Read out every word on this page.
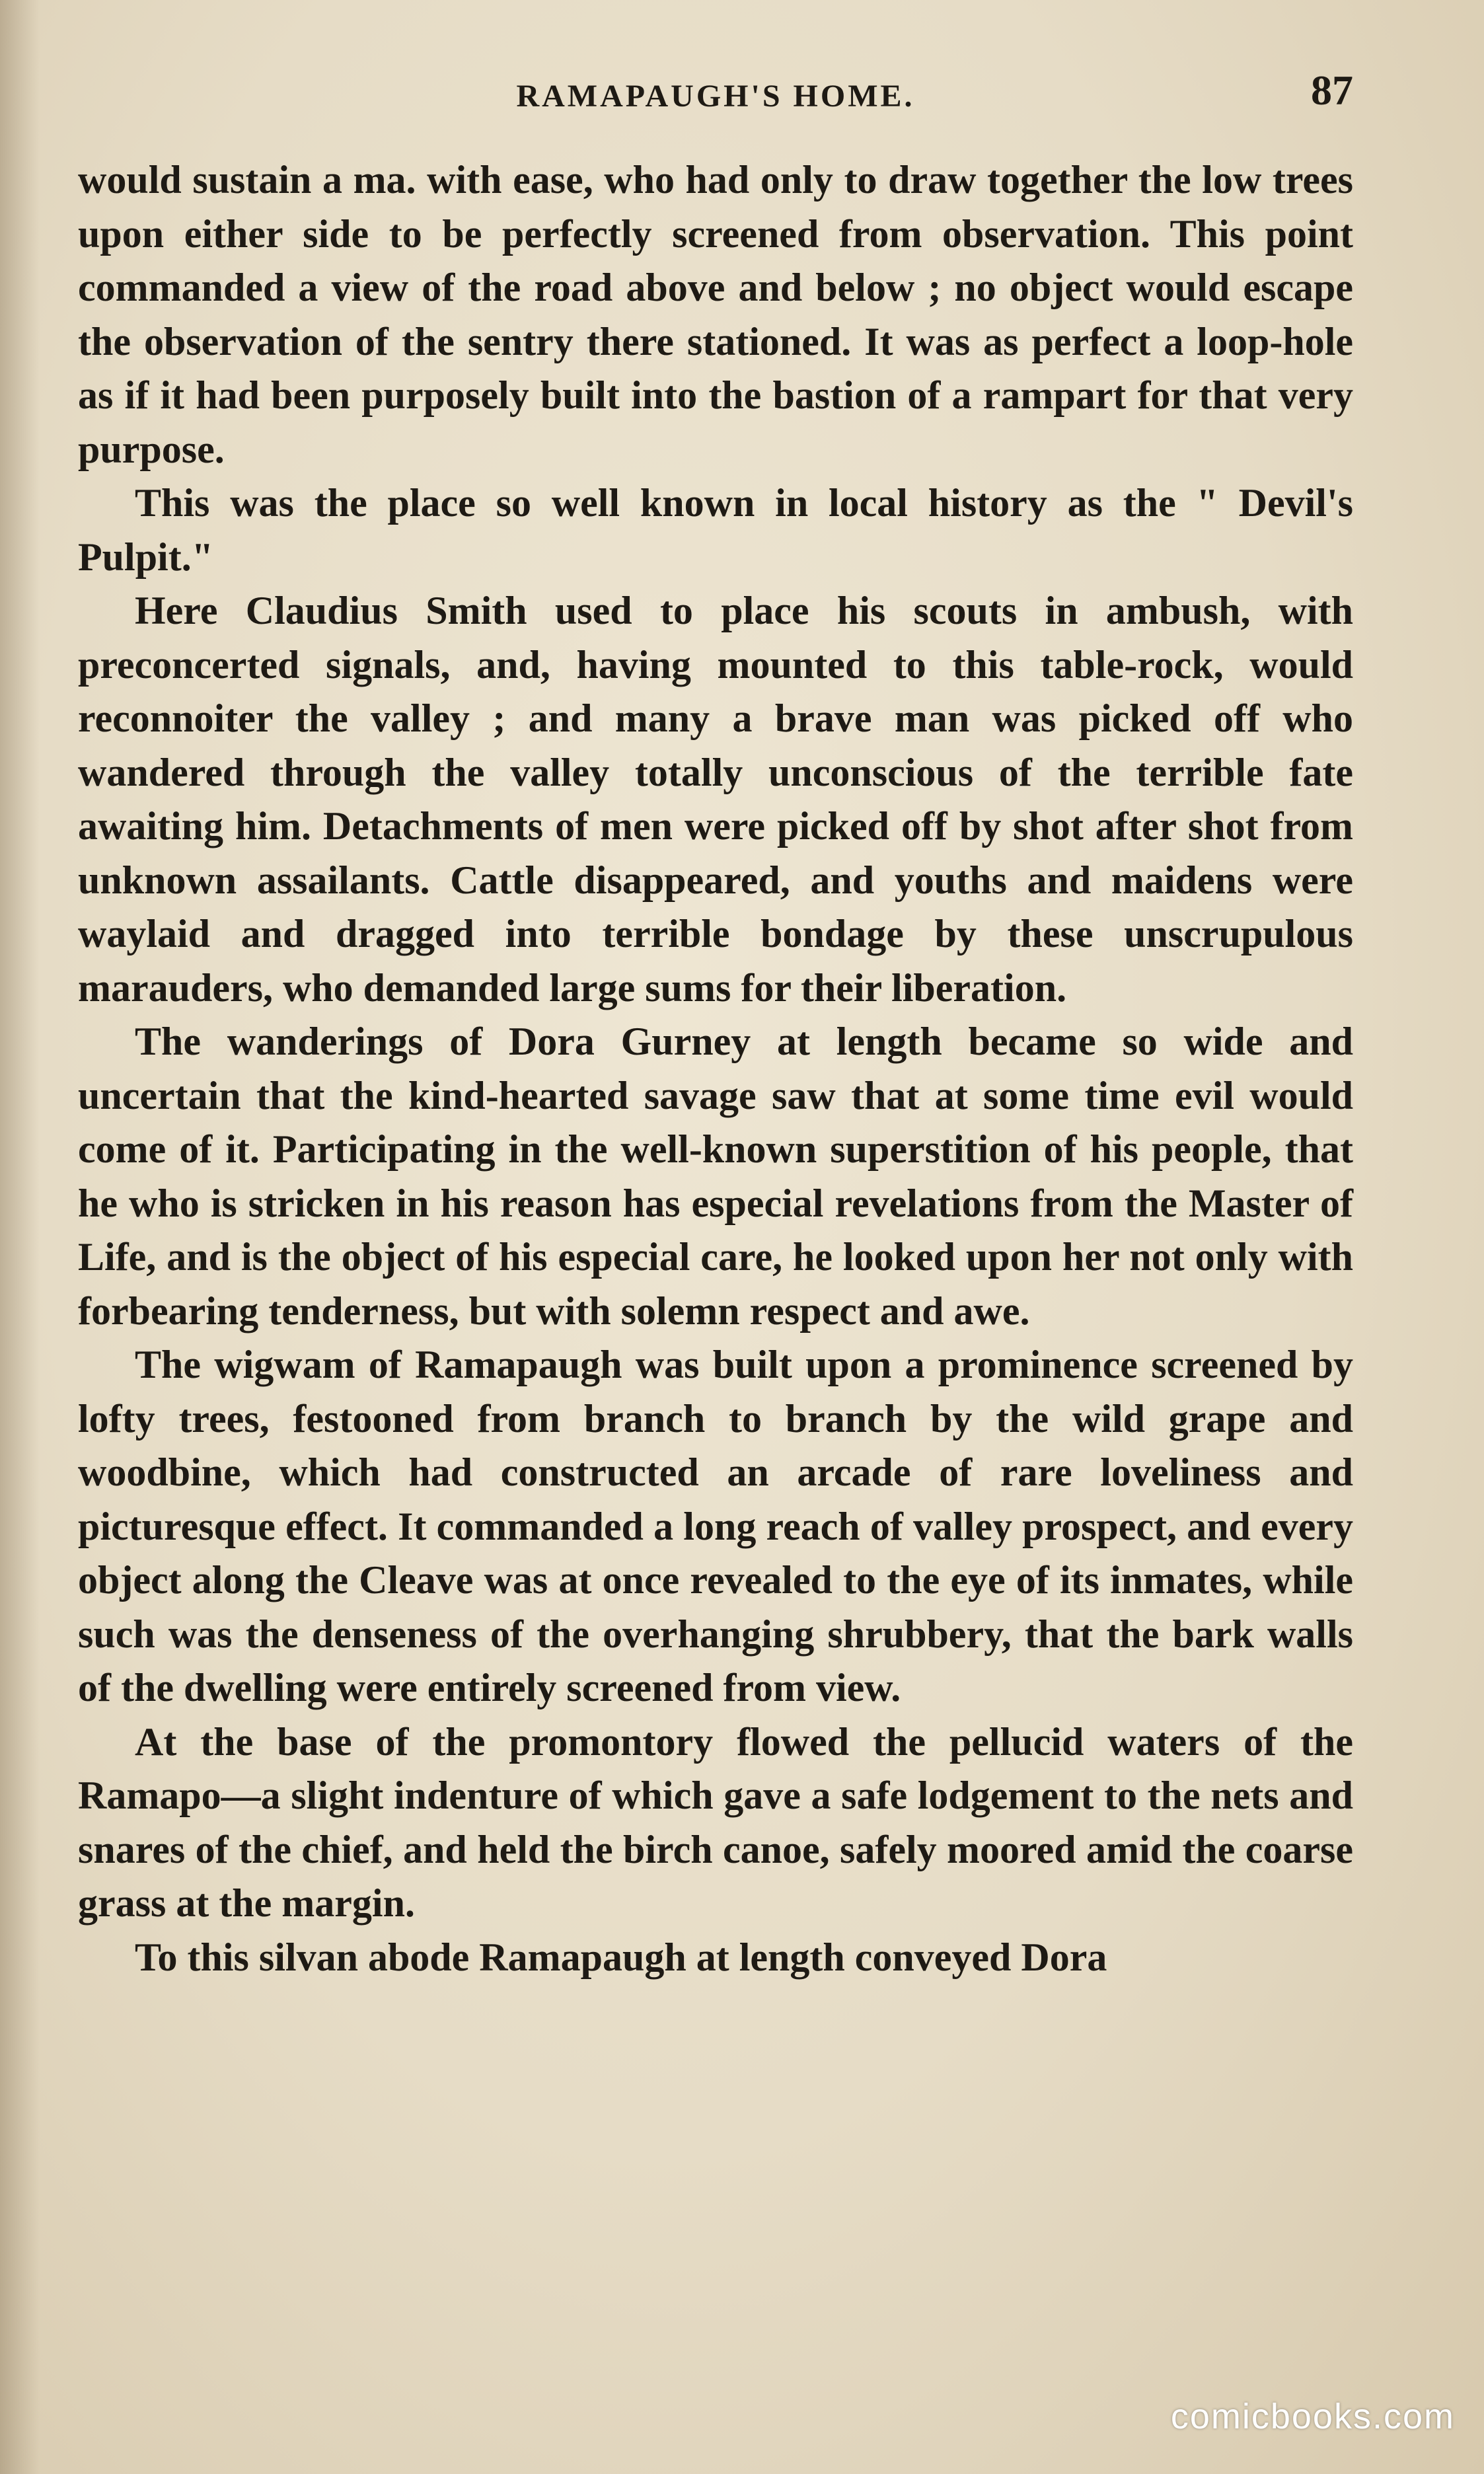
RAMAPAUGH'S HOME.	87

would sustain a ma. with ease, who had only to draw together the low trees upon either side to be perfectly screened from observation. This point commanded a view of the road above and below ; no object would escape the observation of the sentry there stationed. It was as perfect a loop-hole as if it had been purposely built into the bastion of a rampart for that very purpose.

This was the place so well known in local history as the " Devil's Pulpit."

Here Claudius Smith used to place his scouts in ambush, with preconcerted signals, and, having mounted to this table-rock, would reconnoiter the valley ; and many a brave man was picked off who wandered through the valley totally unconscious of the terrible fate awaiting him. Detachments of men were picked off by shot after shot from unknown assailants. Cattle disappeared, and youths and maidens were waylaid and dragged into terrible bondage by these unscrupulous marauders, who demanded large sums for their liberation.

The wanderings of Dora Gurney at length became so wide and uncertain that the kind-hearted savage saw that at some time evil would come of it. Participating in the well-known superstition of his people, that he who is stricken in his reason has especial revelations from the Master of Life, and is the object of his especial care, he looked upon her not only with forbearing tenderness, but with solemn respect and awe.

The wigwam of Ramapaugh was built upon a prominence screened by lofty trees, festooned from branch to branch by the wild grape and woodbine, which had constructed an arcade of rare loveliness and picturesque effect. It commanded a long reach of valley prospect, and every object along the Cleave was at once revealed to the eye of its inmates, while such was the denseness of the overhanging shrubbery, that the bark walls of the dwelling were entirely screened from view.

At the base of the promontory flowed the pellucid waters of the Ramapo—a slight indenture of which gave a safe lodgement to the nets and snares of the chief, and held the birch canoe, safely moored amid the coarse grass at the margin.

To this silvan abode Ramapaugh at length conveyed Dora

comicbooks.com
